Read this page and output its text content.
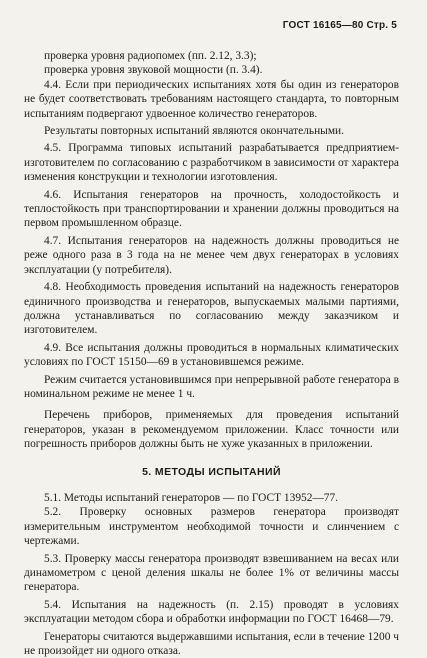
ГОСТ 16165—80 Стр. 5

проверка уровня радиопомех (пп. 2.12, 3.3);

проверка уровня звуковой мощности (п. 3.4).

4.4. Если при периодических испытаниях хотя бы один из генераторов не будет соответствовать требованиям настоящего стандарта, то повторным испытаниям подвергают удвоенное количество генераторов.

Результаты повторных испытаний являются окончательными.

4.5. Программа типовых испытаний разрабатывается предприятием-изготовителем по согласованию с разработчиком в зависимости от характера изменения конструкции и технологии изготовления.

4.6. Испытания генераторов на прочность, холодостойкость и теплостойкость при транспортировании и хранении должны проводиться на первом промышленном образце.

4.7. Испытания генераторов на надежность должны проводиться не реже одного раза в 3 года на не менее чем двух генераторах в условиях эксплуатации (у потребителя).

4.8. Необходимость проведения испытаний на надежность генераторов единичного производства и генераторов, выпускаемых малыми партиями, должна устанавливаться по согласованию между заказчиком и изготовителем.

4.9. Все испытания должны проводиться в нормальных климатических условиях по ГОСТ 15150—69 в установившемся режиме.

Режим считается установившимся при непрерывной работе генератора в номинальном режиме не менее 1 ч.

Перечень приборов, применяемых для проведения испытаний генераторов, указан в рекомендуемом приложении. Класс точности или погрешность приборов должны быть не хуже указанных в приложении.

5. МЕТОДЫ ИСПЫТАНИЙ

5.1. Методы испытаний генераторов — по ГОСТ 13952—77.

5.2. Проверку основных размеров генератора производят измерительным инструментом необходимой точности и слинчением с чертежами.

5.3. Проверку массы генератора производят взвешиванием на весах или динамометром с ценой деления шкалы не более 1% от величины массы генератора.

5.4. Испытания на надежность (п. 2.15) проводят в условиях эксплуатации методом сбора и обработки информации по ГОСТ 16468—79.

Генераторы считаются выдержавшими испытания, если в течение 1200 ч не произойдет ни одного отказа.
